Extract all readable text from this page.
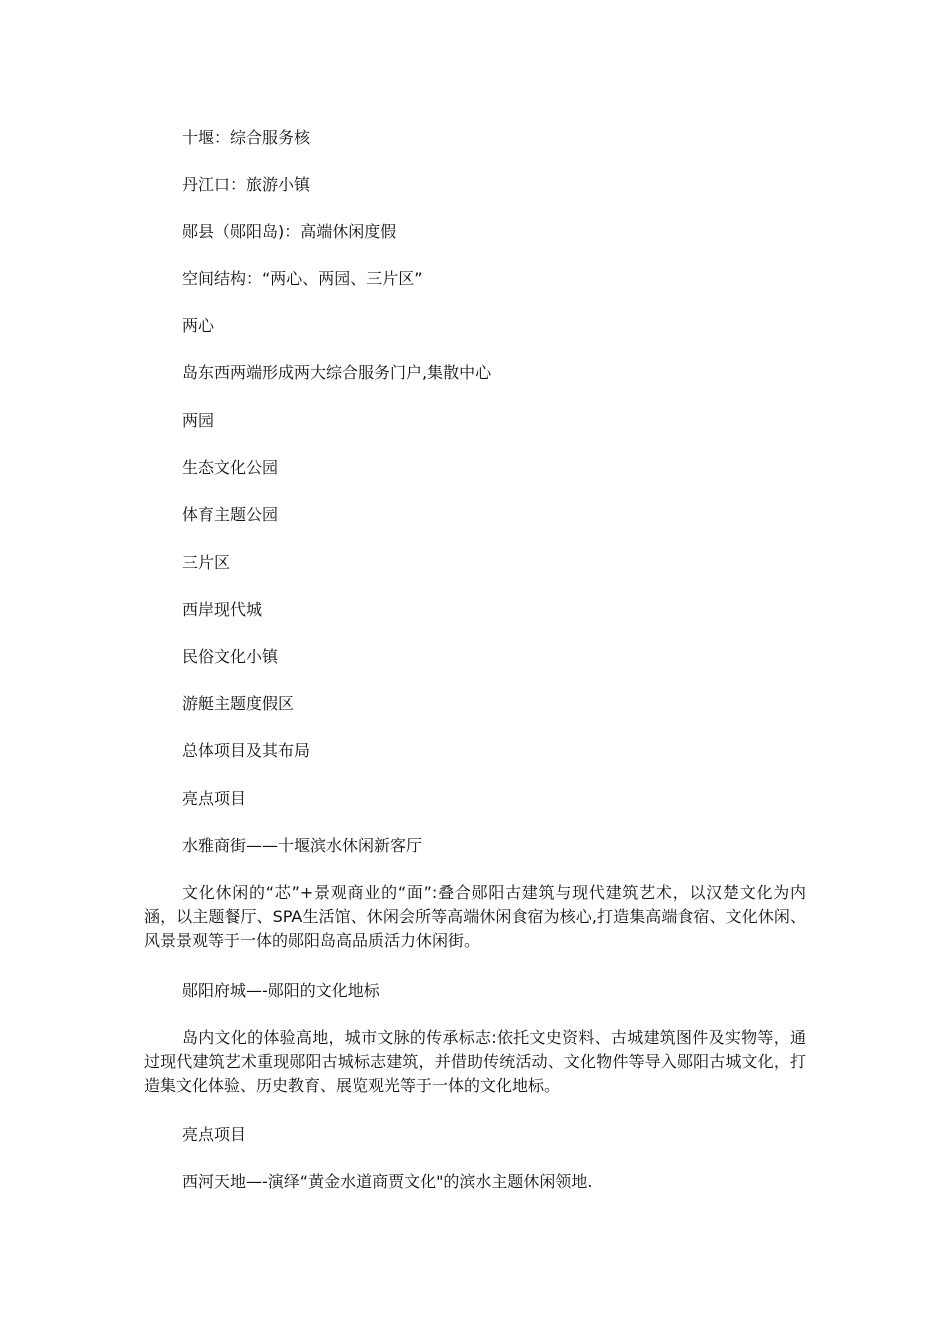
十堰：综合服务核
丹江口：旅游小镇
郧县（郧阳岛)：高端休闲度假
空间结构：“两心、两园、三片区”
两心
岛东西两端形成两大综合服务门户,集散中心
两园
生态文化公园
体育主题公园
三片区
西岸现代城
民俗文化小镇
游艇主题度假区
总体项目及其布局
亮点项目
水雅商街——十堰滨水休闲新客厅
文化休闲的“芯”+景观商业的“面”:叠合郧阳古建筑与现代建筑艺术，以汉楚文化为内涵，以主题餐厅、SPA生活馆、休闲会所等高端休闲食宿为核心,打造集高端食宿、文化休闲、风景景观等于一体的郧阳岛高品质活力休闲街。
郧阳府城—-郧阳的文化地标
岛内文化的体验高地，城市文脉的传承标志:依托文史资料、古城建筑图件及实物等，通过现代建筑艺术重现郧阳古城标志建筑，并借助传统活动、文化物件等导入郧阳古城文化，打造集文化体验、历史教育、展览观光等于一体的文化地标。
亮点项目
西河天地—-演绎“黄金水道商贾文化"的滨水主题休闲领地.
